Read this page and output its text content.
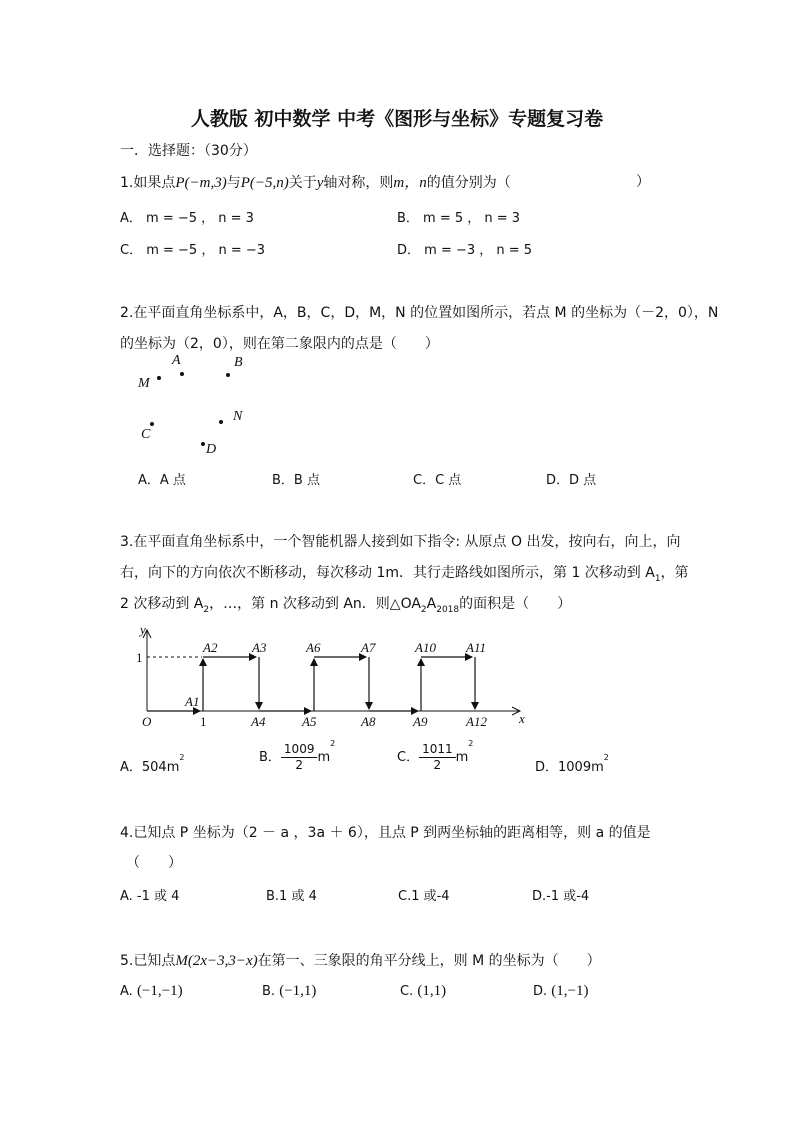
人教版 初中数学 中考《图形与坐标》专题复习卷
一．选择题：（30分）
1.如果点P(−m,3)与P(−5,n)关于y轴对称，则m，n的值分别为（	）
A． m = −5 ， n = 3	B． m = 5 ， n = 3
C． m = −5 ， n = −3	D． m = −3 ， n = 5
2.在平面直角坐标系中，A，B，C，D，M，N 的位置如图所示，若点 M 的坐标为（－2，0），N
的坐标为（2，0），则在第二象限内的点是（　　）
A
M
B
N
C
D
A．A 点	B．B 点	C．C 点	D．D 点
3.在平面直角坐标系中，一个智能机器人接到如下指令: 从原点 O 出发，按向右，向上，向
右，向下的方向依次不断移动，每次移动 1m．其行走路线如图所示，第 1 次移动到 A1，第
2 次移动到 A2，…，第 n 次移动到 An．则△OA2A2018的面积是（　　）
y
x
O
A1
A2	A3
A4	A5
A6	A7
A8	A9
A10 A11
A12
1
1
A．$504m^2$	B． $\frac{1009}{2} m^2$
C． $\frac{1011}{2} m^2$
D．$1009m^2$
4.已知点 P 坐标为（2 － a ，3a ＋ 6），且点 P 到两坐标轴的距离相等，则 a 的值是
（　　）
A. -1 或 4	B.1 或 4	C.1 或-4	D.-1 或-4
5.已知点M(2x−3,3−x)在第一、三象限的角平分线上，则 M 的坐标为（　　）
A. (−1,−1)	B. (−1,1)	C. (1,1)	D. (1,−1)
